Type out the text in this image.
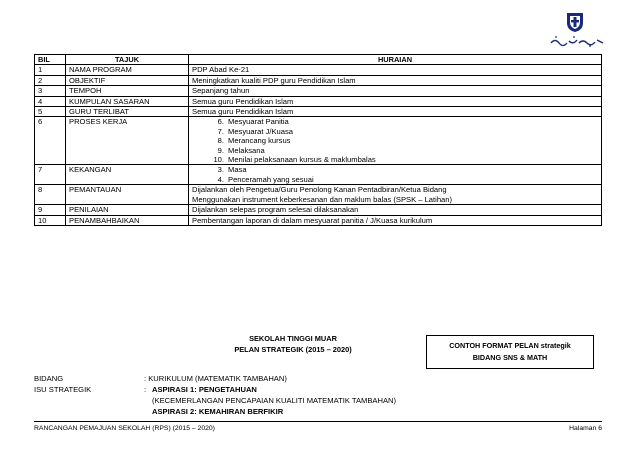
BIL	TAJUK	HURAIAN
1	NAMA PROGRAM	PDP Abad Ke-21

2	OBJEKTIF	Meningkatkan kualiti PDP guru Pendidikan Islam

3	TEMPOH	Sepanjang tahun

4	KUMPULAN SASARAN	Semua guru Pendidikan Islam

5	GURU TERLIBAT	Semua guru Pendidikan Islam

6	PROSES KERJA	6. Mesyuarat Panitia
7. Mesyuarat J/Kuasa
8. Merancang kursus
9. Melaksana
10. Menilai pelaksanaan kursus & maklumbalas

7	KEKANGAN	3. Masa
4. Penceramah yang sesuai

8	PEMANTAUAN	Dijalankan oleh Pengetua/Guru Penolong Kanan Pentadbiran/Ketua Bidang
Menggunakan instrument keberkesanan dan maklum balas (SPSK – Latihan)

9	PENILAIAN	Dijalankan selepas program selesai dilaksanakan

10	PENAMBAHBAIKAN	Pembentangan laporan di dalam mesyuarat panitia / J/Kuasa kurikulum
SEKOLAH TINGGI MUAR
PELAN STRATEGIK (2015 – 2020)	CONTOH FORMAT PELAN strategik
BIDANG SNS & MATH
BIDANG	: KURIKULUM (MATEMATIK TAMBAHAN)
ISU STRATEGIK	: ASPIRASI 1: PENGETAHUAN
(KECEMERLANGAN PENCAPAIAN KUALITI MATEMATIK TAMBAHAN)
ASPIRASI 2: KEMAHIRAN BERFIKIR
RANCANGAN PEMAJUAN SEKOLAH (RPS) (2015 – 2020)	Halaman 6
